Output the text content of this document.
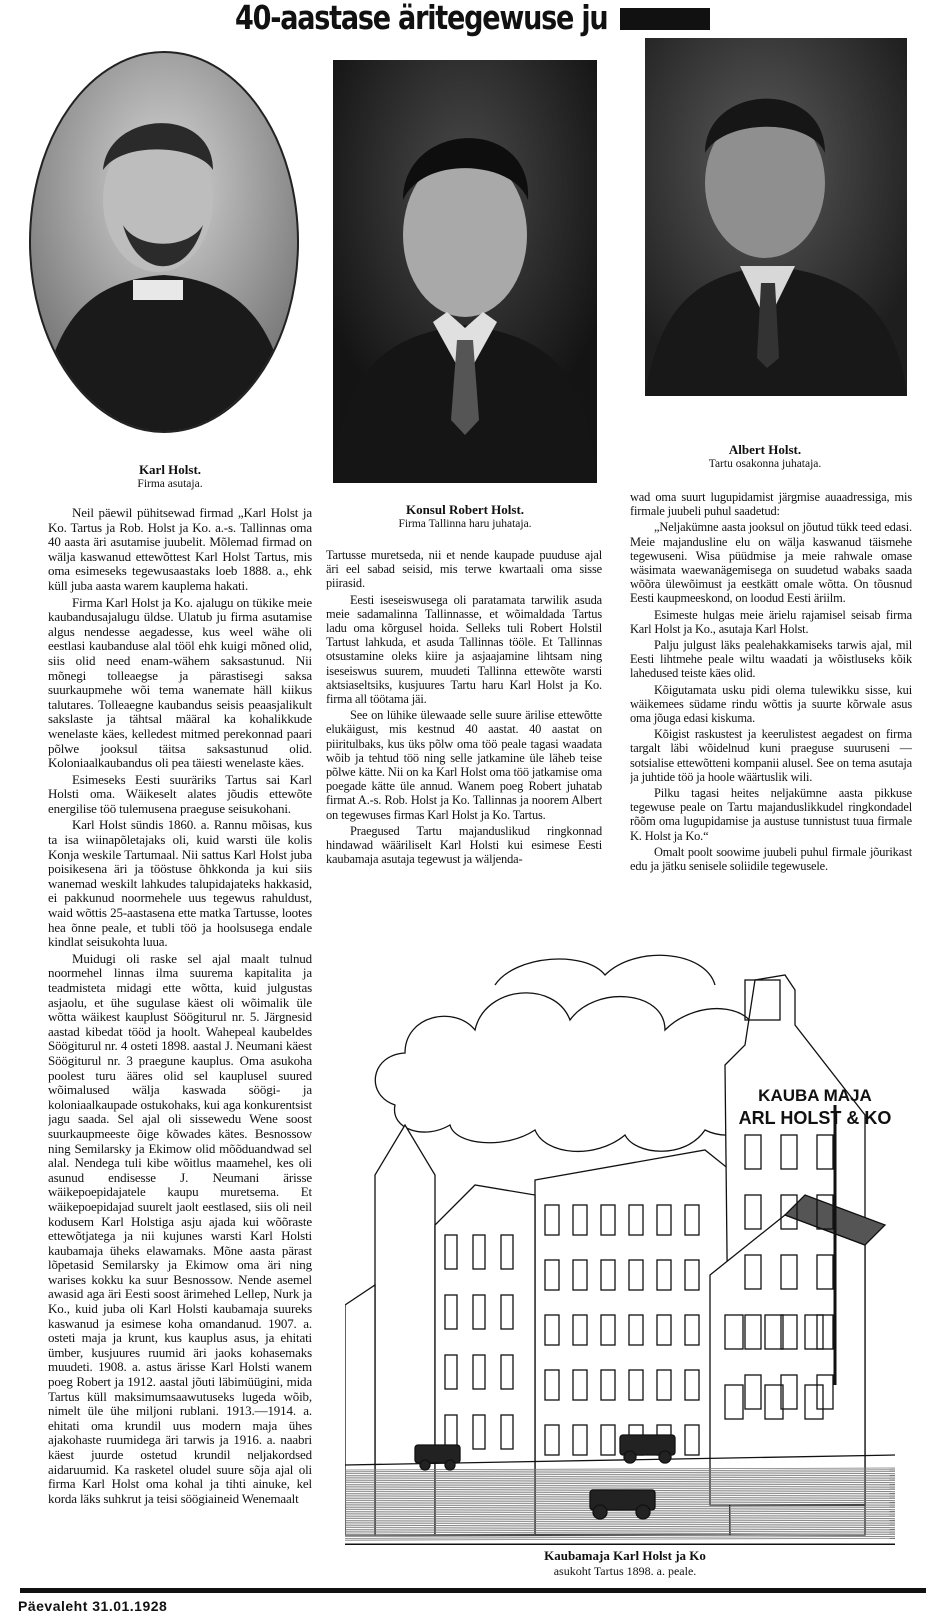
40-aastase äritegewuse ju
Karl Holst.
Firma asutaja.
Konsul Robert Holst.
Firma Tallinna haru juhataja.
Albert Holst.
Tartu osakonna juhataja.

Neil päewil pühitsewad firmad „Karl Holst ja Ko. Tartus ja Rob. Holst ja Ko. a.-s. Tallinnas oma 40 aasta äri asutamise juubelit. Mõlemad firmad on wälja kaswanud ettewõttest Karl Holst Tartus, mis oma esimeseks tegewusaastaks loeb 1888. a., ehk küll juba aasta warem kauplema hakati.

Firma Karl Holst ja Ko. ajalugu on tükike meie kaubandusajalugu üldse. Ulatub ju firma asutamise algus nendesse aegadesse, kus weel wähe oli eestlasi kaubanduse alal tööl ehk kuigi mõned olid, siis olid need enam-wähem saksastunud. Nii mõnegi tolleaegse ja pärastisegi saksa suurkaupmehe wõi tema wanemate häll kiikus talutares. Tolleaegne kaubandus seisis peaasjalikult sakslaste ja tähtsal määral ka kohalikkude wenelaste käes, kelledest mitmed perekonnad paari põlwe jooksul täitsa saksastunud olid. Koloniaalkaubandus oli pea täiesti wenelaste käes.

Esimeseks Eesti suuräriks Tartus sai Karl Holsti oma. Wäikeselt alates jõudis ettewõte energilise töö tulemusena praeguse seisukohani.

Karl Holst sündis 1860. a. Rannu mõisas, kus ta isa wiinapõletajaks oli, kuid warsti üle kolis Konja weskile Tartumaal. Nii sattus Karl Holst juba poisikesena äri ja tööstuse õhkkonda ja kui siis wanemad weskilt lahkudes talupidajateks hakkasid, ei pakkunud noormehele uus tegewus rahuldust, waid wõttis 25-aastasena ette matka Tartusse, lootes hea õnne peale, et tubli töö ja hoolsusega endale kindlat seisukohta luua.

Muidugi oli raske sel ajal maalt tulnud noormehel linnas ilma suurema kapitalita ja teadmisteta midagi ette wõtta, kuid julgustas asjaolu, et ühe sugulase käest oli wõimalik üle wõtta wäikest kauplust Söögiturul nr. 5. Järgnesid aastad kibedat tööd ja hoolt. Wahepeal kaubeldes Söögiturul nr. 4 osteti 1898. aastal J. Neumani käest Söögiturul nr. 3 praegune kauplus. Oma asukoha poolest turu ääres olid sel kauplusel suured wõimalused wälja kaswada söögi- ja koloniaalkaupade ostukohaks, kui aga konkurentsist jagu saada. Sel ajal oli sissewedu Wene soost suurkaupmeeste õige kõwades kätes. Besnossow ning Semilarsky ja Ekimow olid mõõduandwad sel alal. Nendega tuli kibe wõitlus maamehel, kes oli asunud endisesse J. Neumani ärisse wäikepoepidajatele kaupu muretsema. Et wäikepoepidajad suurelt jaolt eestlased, siis oli neil kodusem Karl Holstiga asju ajada kui wõõraste ettewõtjatega ja nii kujunes warsti Karl Holsti kaubamaja üheks elawamaks. Mõne aasta pärast lõpetasid Semilarsky ja Ekimow oma äri ning warises kokku ka suur Besnossow. Nende asemel awasid aga äri Eesti soost ärimehed Lellep, Nurk ja Ko., kuid juba oli Karl Holsti kaubamaja suureks kaswanud ja esimese koha omandanud. 1907. a. osteti maja ja krunt, kus kauplus asus, ja ehitati ümber, kusjuures ruumid äri jaoks kohasemaks muudeti. 1908. a. astus ärisse Karl Holsti wanem poeg Robert ja 1912. aastal jõuti läbimüügini, mida Tartus küll maksimumsaawutuseks lugeda wõib, nimelt üle ühe miljoni rublani. 1913.—1914. a. ehitati oma krundil uus modern maja ühes ajakohaste ruumidega äri tarwis ja 1916. a. naabri käest juurde ostetud krundil neljakordsed aidaruumid. Ka rasketel oludel suure sõja ajal oli firma Karl Holst oma kohal ja tihti ainuke, kel korda läks suhkrut ja teisi söögiaineid Wenemaalt

Tartusse muretseda, nii et nende kaupade puuduse ajal äri eel sabad seisid, mis terwe kwartaali oma sisse piirasid.

Eesti iseseiswusega oli paratamata tarwilik asuda meie sadamalinna Tallinnasse, et wõimaldada Tartus ladu oma kõrgusel hoida. Selleks tuli Robert Holstil Tartust lahkuda, et asuda Tallinnas tööle. Et Tallinnas otsustamine oleks kiire ja asjaajamine lihtsam ning iseseiswus suurem, muudeti Tallinna ettewõte warsti aktsiaseltsiks, kusjuures Tartu haru Karl Holst ja Ko. firma all töötama jäi.

See on lühike ülewaade selle suure ärilise ettewõtte elukäigust, mis kestnud 40 aastat. 40 aastat on piiritulbaks, kus üks põlw oma töö peale tagasi waadata wõib ja tehtud töö ning selle jatkamine üle läheb teise põlwe kätte. Nii on ka Karl Holst oma töö jatkamise oma poegade kätte üle annud. Wanem poeg Robert juhatab firmat A.-s. Rob. Holst ja Ko. Tallinnas ja noorem Albert on tegewuses firmas Karl Holst ja Ko. Tartus.

Praegused Tartu majanduslikud ringkonnad hindawad wääriliselt Karl Holsti kui esimese Eesti kaubamaja asutaja tegewust ja wäljenda-

wad oma suurt lugupidamist järgmise auaadressiga, mis firmale juubeli puhul saadetud:

„Neljakümne aasta jooksul on jõutud tükk teed edasi. Meie majandusline elu on wälja kaswanud täismehe tegewuseni. Wisa püüdmise ja meie rahwale omase wäsimata waewanägemisega on suudetud wabaks saada wõõra ülewõimust ja eestkätt omale wõtta. On tõusnud Eesti kaupmeeskond, on loodud Eesti äriilm.

Esimeste hulgas meie ärielu rajamisel seisab firma Karl Holst ja Ko., asutaja Karl Holst.

Palju julgust läks pealehakkamiseks tarwis ajal, mil Eesti lihtmehe peale wiltu waadati ja wõistluseks kõik lahedused teiste käes olid.

Kõigutamata usku pidi olema tulewikku sisse, kui wäikemees südame rindu wõttis ja suurte kõrwale asus oma jõuga edasi kiskuma.

Kõigist raskustest ja keerulistest aegadest on firma targalt läbi wõidelnud kuni praeguse suuruseni — sotsialise ettewõtteni kompanii alusel. See on tema asutaja ja juhtide töö ja hoole wäärtuslik wili.

Pilku tagasi heites neljakümne aasta pikkuse tegewuse peale on Tartu majanduslikkudel ringkondadel rõõm oma lugupidamise ja austuse tunnistust tuua firmale K. Holst ja Ko.“

Omalt poolt soowime juubeli puhul firmale jõurikast edu ja jätku senisele soliidile tegewusele.

KAUBA MAJA
ARL HOLST & KO
Kaubamaja Karl Holst ja Ko
asukoht Tartus 1898. a. peale.
Päevaleht 31.01.1928
